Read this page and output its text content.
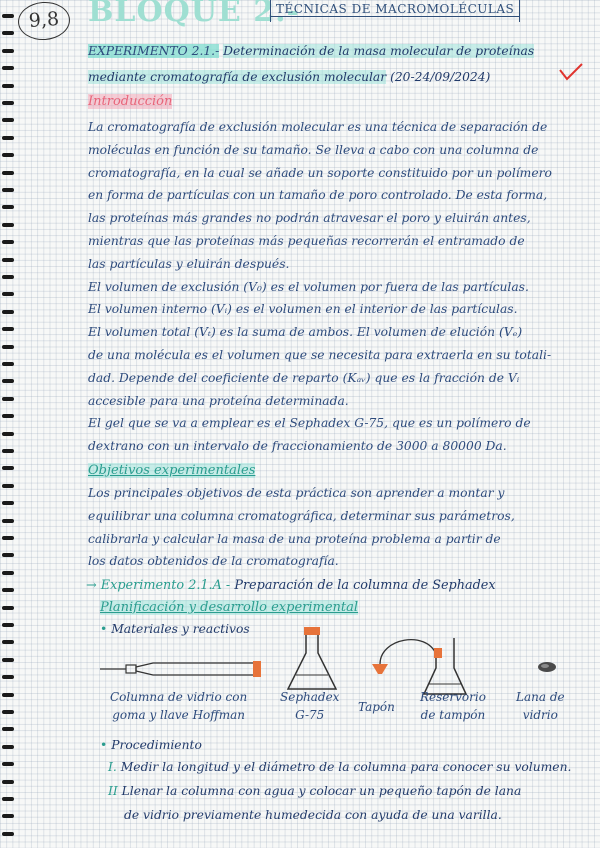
9,8 BLOQUE 2.-
TÉCNICAS DE MACROMOLÉCULAS
EXPERIMENTO 2.1.- Determinación de la masa molecular de proteínas
mediante cromatografía de exclusión molecular (20-24/09/2024)
Introducción
La cromatografía de exclusión molecular es una técnica de separación de
moléculas en función de su tamaño. Se lleva a cabo con una columna de
cromatografía, en la cual se añade un soporte constituido por un polímero
en forma de partículas con un tamaño de poro controlado. De esta forma,
las proteínas más grandes no podrán atravesar el poro y eluirán antes,
mientras que las proteínas más pequeñas recorrerán el entramado de
las partículas y eluirán después.
El volumen de exclusión (V₀) es el volumen por fuera de las partículas.
El volumen interno (Vᵢ) es el volumen en el interior de las partículas.
El volumen total (Vₜ) es la suma de ambos. El volumen de elución (Vₑ)
de una molécula es el volumen que se necesita para extraerla en su totali-
dad. Depende del coeficiente de reparto (Kₐᵥ) que es la fracción de Vᵢ
accesible para una proteína determinada.
El gel que se va a emplear es el Sephadex G-75, que es un polímero de
dextrano con un intervalo de fraccionamiento de 3000 a 80000 Da.
Objetivos experimentales
Los principales objetivos de esta práctica son aprender a montar y
equilibrar una columna cromatográfica, determinar sus parámetros,
calibrarla y calcular la masa de una proteína problema a partir de
los datos obtenidos de la cromatografía.
→ Experimento 2.1.A - Preparación de la columna de Sephadex
Planificación y desarrollo experimental
• Materiales y reactivos
Columna de vidrio con
goma y llave Hoffman
Sephadex
G-75
Tapón
Reservorio
de tampón
Lana de
vidrio
• Procedimiento
I. Medir la longitud y el diámetro de la columna para conocer su volumen.
II Llenar la columna con agua y colocar un pequeño tapón de lana
de vidrio previamente humedecida con ayuda de una varilla.
